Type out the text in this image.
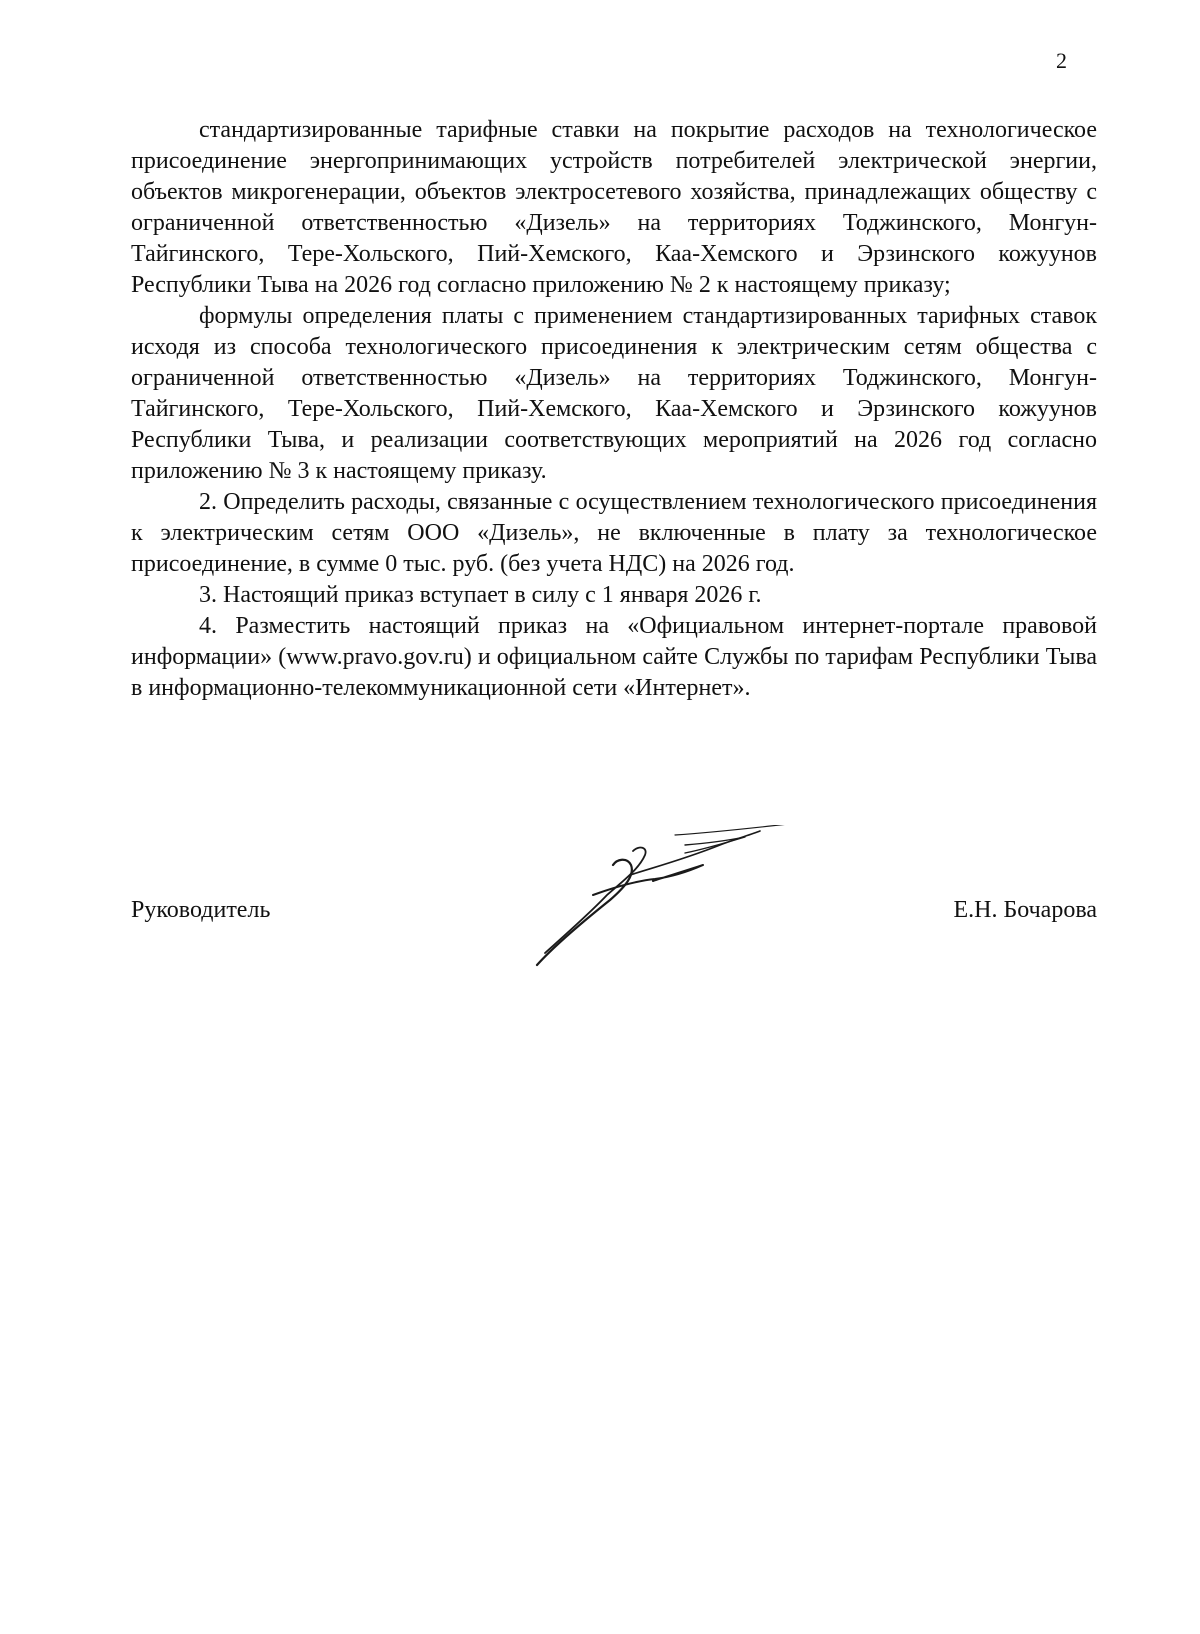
2

стандартизированные тарифные ставки на покрытие расходов на технологическое присоединение энергопринимающих устройств потребителей электрической энергии, объектов микрогенерации, объектов электросетевого хозяйства, принадлежащих обществу с ограниченной ответственностью «Дизель» на территориях Тоджинского, Монгун-Тайгинского, Тере-Хольского, Пий-Хемского, Каа-Хемского и Эрзинского кожуунов Республики Тыва на 2026 год согласно приложению № 2 к настоящему приказу;

формулы определения платы с применением стандартизированных тарифных ставок исходя из способа технологического присоединения к электрическим сетям общества с ограниченной ответственностью «Дизель» на территориях Тоджинского, Монгун-Тайгинского, Тере-Хольского, Пий-Хемского, Каа-Хемского и Эрзинского кожуунов Республики Тыва, и реализации соответствующих мероприятий на 2026 год согласно приложению № 3 к настоящему приказу.

2. Определить расходы, связанные с осуществлением технологического присоединения к электрическим сетям ООО «Дизель», не включенные в плату за технологическое присоединение, в сумме 0 тыс. руб. (без учета НДС) на 2026 год.

3. Настоящий приказ вступает в силу с 1 января 2026 г.

4. Разместить настоящий приказ на «Официальном интернет-портале правовой информации» (www.pravo.gov.ru) и официальном сайте Службы по тарифам Республики Тыва в информационно-телекоммуникационной сети «Интернет».

Руководитель	Е.Н. Бочарова
